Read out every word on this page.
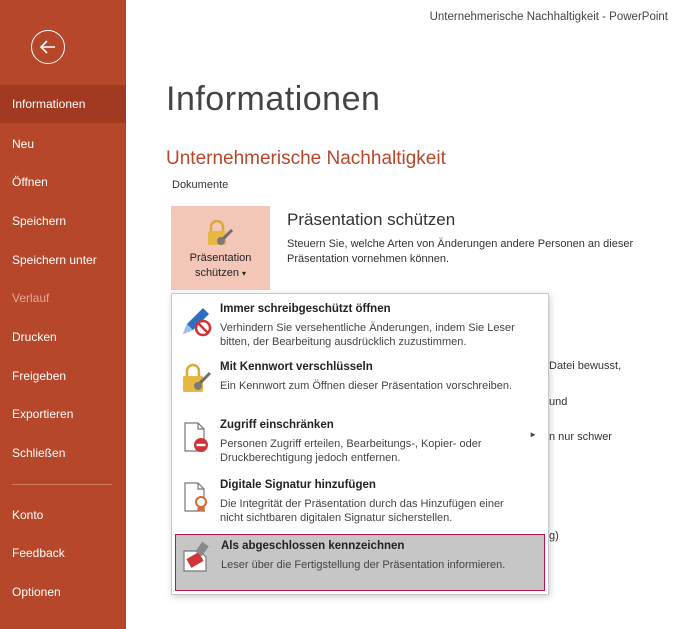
Informationen
Neu
Öffnen
Speichern
Speichern unter
Verlauf
Drucken
Freigeben
Exportieren
Schließen
Konto
Feedback
Optionen
Unternehmerische Nachhaltigkeit - PowerPoint
Informationen
Unternehmerische Nachhaltigkeit
Dokumente
Präsentation
schützen ▾
Präsentation schützen
Steuern Sie, welche Arten von Änderungen andere Personen an dieser Präsentation vornehmen können.
Datei bewusst,
und
n nur schwer
g)
Immer schreibgeschützt öffnen
Verhindern Sie versehentliche Änderungen, indem Sie Leser bitten, der Bearbeitung ausdrücklich zuzustimmen.
Mit Kennwort verschlüsseln
Ein Kennwort zum Öffnen dieser Präsentation vorschreiben.
Zugriff einschränken
Personen Zugriff erteilen, Bearbeitungs-, Kopier- oder Druckberechtigung jedoch entfernen.
►
Digitale Signatur hinzufügen
Die Integrität der Präsentation durch das Hinzufügen einer nicht sichtbaren digitalen Signatur sicherstellen.
Als abgeschlossen kennzeichnen
Leser über die Fertigstellung der Präsentation informieren.
